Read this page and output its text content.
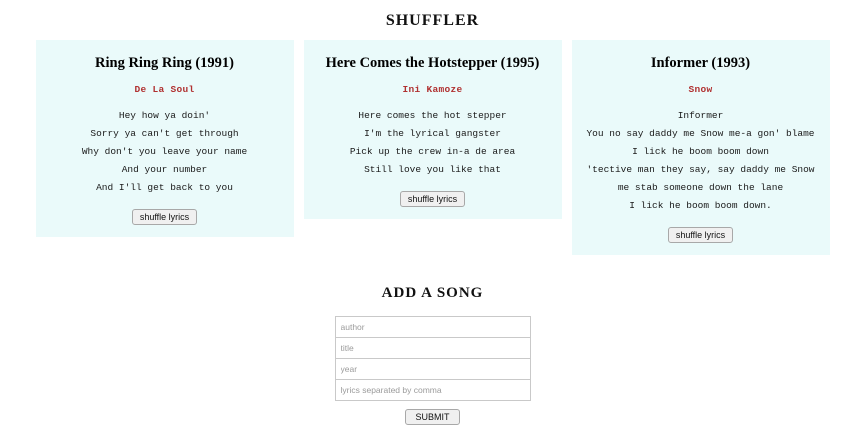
SHUFFLER
Ring Ring Ring (1991)
De La Soul
Hey how ya doin'
Sorry ya can't get through
Why don't you leave your name
And your number
And I'll get back to you
shuffle lyrics
Here Comes the Hotstepper (1995)
Ini Kamoze
Here comes the hot stepper
I'm the lyrical gangster
Pick up the crew in-a de area
Still love you like that
shuffle lyrics
Informer (1993)
Snow
Informer
You no say daddy me Snow me-a gon' blame
I lick he boom boom down
'tective man they say, say daddy me Snow me stab someone down the lane
I lick he boom boom down.
shuffle lyrics
ADD A SONG
author
title
year
lyrics separated by comma
SUBMIT
